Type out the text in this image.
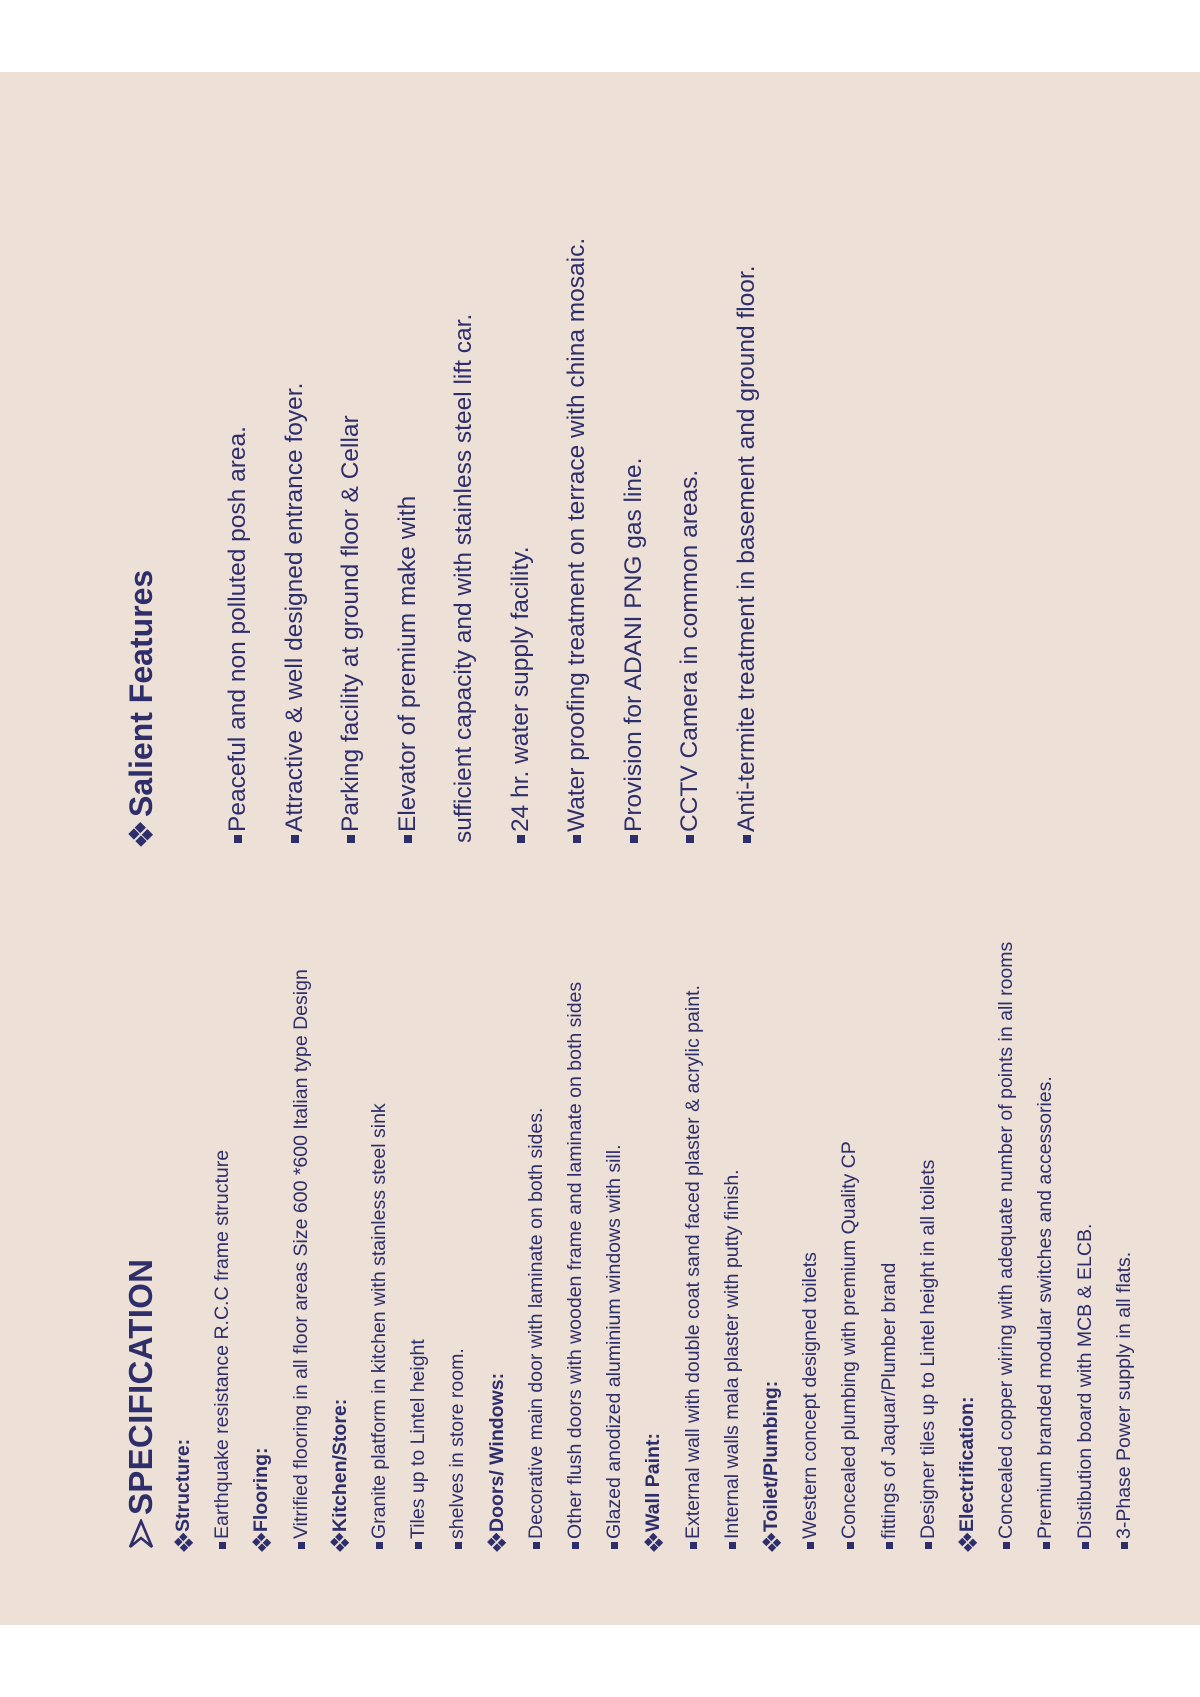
SPECIFICATION Structure: Earthquake resistance R.C.C frame structure Flooring: Vitrified flooring in all floor areas Size 600 *600 Italian type Design Kitchen/Store: Granite platform in kitchen with stainless steel sink Tiles up to Lintel height shelves in store room. Doors/ Windows: Decorative main door with laminate on both sides. Other flush doors with wooden frame and laminate on both sides Glazed anodized aluminium windows with sill. Wall Paint: External wall with double coat sand faced plaster & acrylic paint. Internal walls mala plaster with putty finish. Toilet/Plumbing: Western concept designed toilets Concealed plumbing with premium Quality CP fittings of Jaquar/Plumber brand Designer tiles up to Lintel height in all toilets Electrification: Concealed copper wiring with adequate number of points in all rooms Premium branded modular switches and accessories. Distibution board with MCB & ELCB. 3-Phase Power supply in all flats.
Salient Features	Peaceful and non polluted posh area.	Attractive & well designed entrance foyer.	Parking facility at ground floor & Cellar	Elevator of premium make with	sufficient capacity and with stainless steel lift car.	24 hr. water supply facility.	Water proofing treatment on terrace with china mosaic.	Provision for ADANI PNG gas line.	CCTV Camera in common areas.	Anti-termite treatment in basement and ground floor.
